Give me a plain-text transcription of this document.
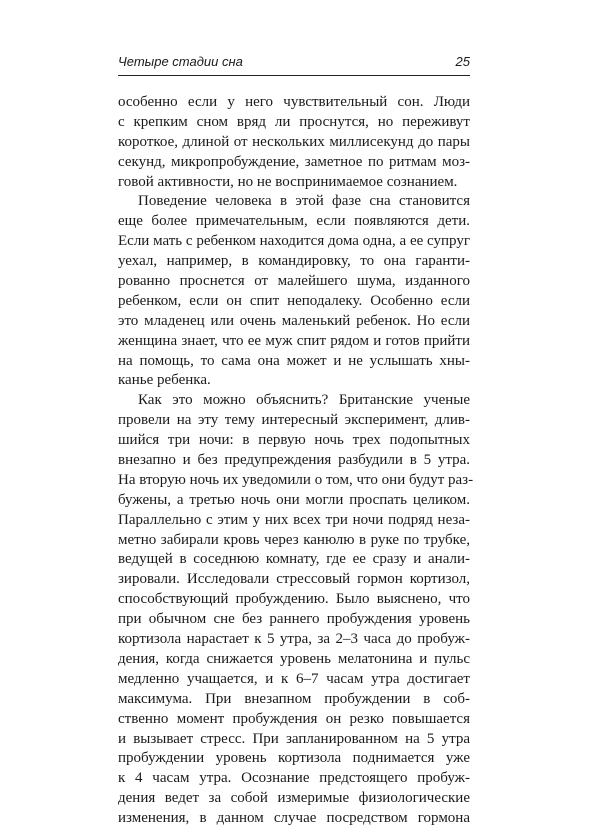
Четыре стадии сна	25
особенно если у него чувствительный сон. Люди
с крепким сном вряд ли проснутся, но переживут
короткое, длиной от нескольких миллисекунд до пары
секунд, микропробуждение, заметное по ритмам моз-
говой активности, но не воспринимаемое сознанием.
Поведение человека в этой фазе сна становится
еще более примечательным, если появляются дети.
Если мать с ребенком находится дома одна, а ее супруг
уехал, например, в командировку, то она гаранти-
рованно проснется от малейшего шума, изданного
ребенком, если он спит неподалеку. Особенно если
это младенец или очень маленький ребенок. Но если
женщина знает, что ее муж спит рядом и готов прийти
на помощь, то сама она может и не услышать хны-
канье ребенка.
Как это можно объяснить? Британские ученые
провели на эту тему интересный эксперимент, длив-
шийся три ночи: в первую ночь трех подопытных
внезапно и без предупреждения разбудили в 5 утра.
На вторую ночь их уведомили о том, что они будут раз-
бужены, а третью ночь они могли проспать целиком.
Параллельно с этим у них всех три ночи подряд неза-
метно забирали кровь через канюлю в руке по трубке,
ведущей в соседнюю комнату, где ее сразу и анали-
зировали. Исследовали стрессовый гормон кортизол,
способствующий пробуждению. Было выяснено, что
при обычном сне без раннего пробуждения уровень
кортизола нарастает к 5 утра, за 2–3 часа до пробуж-
дения, когда снижается уровень мелатонина и пульс
медленно учащается, и к 6–7 часам утра достигает
максимума. При внезапном пробуждении в соб-
ственно момент пробуждения он резко повышается
и вызывает стресс. При запланированном на 5 утра
пробуждении уровень кортизола поднимается уже
к 4 часам утра. Осознание предстоящего пробуж-
дения ведет за собой измеримые физиологические
изменения, в данном случае посредством гормона
